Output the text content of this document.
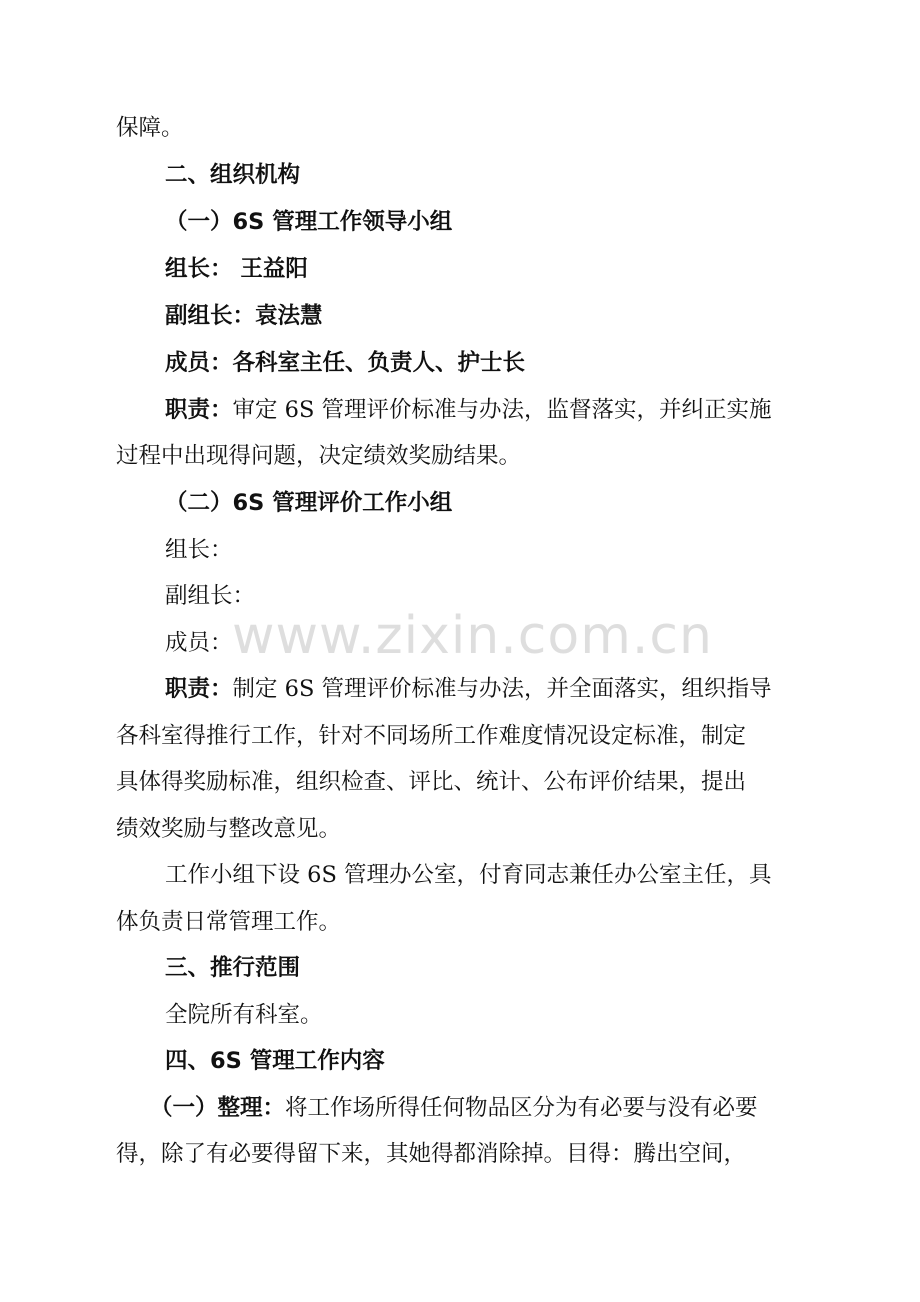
www.zixin.com.cn
保障。
二、组织机构
（一）6S 管理工作领导小组
组长： 王益阳
副组长：袁法慧
成员：各科室主任、负责人、护士长
职责：审定 6S 管理评价标准与办法，监督落实，并纠正实施
过程中出现得问题，决定绩效奖励结果。
（二）6S 管理评价工作小组
组长：
副组长：
成员：
职责：制定 6S 管理评价标准与办法，并全面落实，组织指导
各科室得推行工作，针对不同场所工作难度情况设定标准，制定
具体得奖励标准，组织检查、评比、统计、公布评价结果，提出
绩效奖励与整改意见。
工作小组下设 6S 管理办公室，付育同志兼任办公室主任，具
体负责日常管理工作。
三、推行范围
全院所有科室。
四、6S 管理工作内容
（一）整理：将工作场所得任何物品区分为有必要与没有必要
得，除了有必要得留下来，其她得都消除掉。目得：腾出空间，
